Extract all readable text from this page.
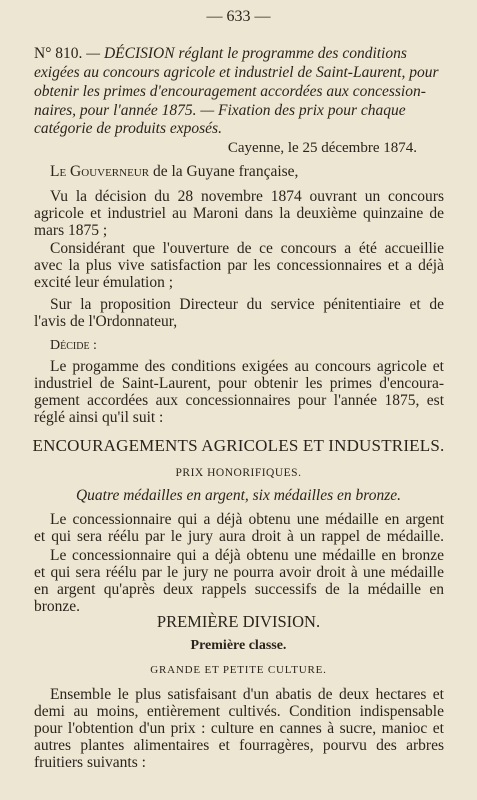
— 633 —
N° 810. — DÉCISION réglant le programme des conditions
exigées au concours agricole et industriel de Saint-Laurent, pour
obtenir les primes d'encouragement accordées aux concession-
naires, pour l'année 1875. — Fixation des prix pour chaque
catégorie de produits exposés.
Cayenne, le 25 décembre 1874.
Le Gouverneur de la Guyane française,
Vu la décision du 28 novembre 1874 ouvrant un concours
agricole et industriel au Maroni dans la deuxième quinzaine de
mars 1875 ;
Considérant que l'ouverture de ce concours a été accueillie
avec la plus vive satisfaction par les concessionnaires et a déjà
excité leur émulation ;
Sur la proposition Directeur du service pénitentiaire et de
l'avis de l'Ordonnateur,
Décide :
Le progamme des conditions exigées au concours agricole et
industriel de Saint-Laurent, pour obtenir les primes d'encoura-
gement accordées aux concessionnaires pour l'année 1875, est
réglé ainsi qu'il suit :
ENCOURAGEMENTS AGRICOLES ET INDUSTRIELS.
PRIX HONORIFIQUES.
Quatre médailles en argent, six médailles en bronze.
Le concessionnaire qui a déjà obtenu une médaille en argent
et qui sera réélu par le jury aura droit à un rappel de médaille.
Le concessionnaire qui a déjà obtenu une médaille en bronze
et qui sera réélu par le jury ne pourra avoir droit à une médaille
en argent qu'après deux rappels successifs de la médaille en
bronze.
PREMIÈRE DIVISION.
Première classe.
GRANDE ET PETITE CULTURE.
Ensemble le plus satisfaisant d'un abatis de deux hectares et
demi au moins, entièrement cultivés. Condition indispensable
pour l'obtention d'un prix : culture en cannes à sucre, manioc et
autres plantes alimentaires et fourragères, pourvu des arbres
fruitiers suivants :
